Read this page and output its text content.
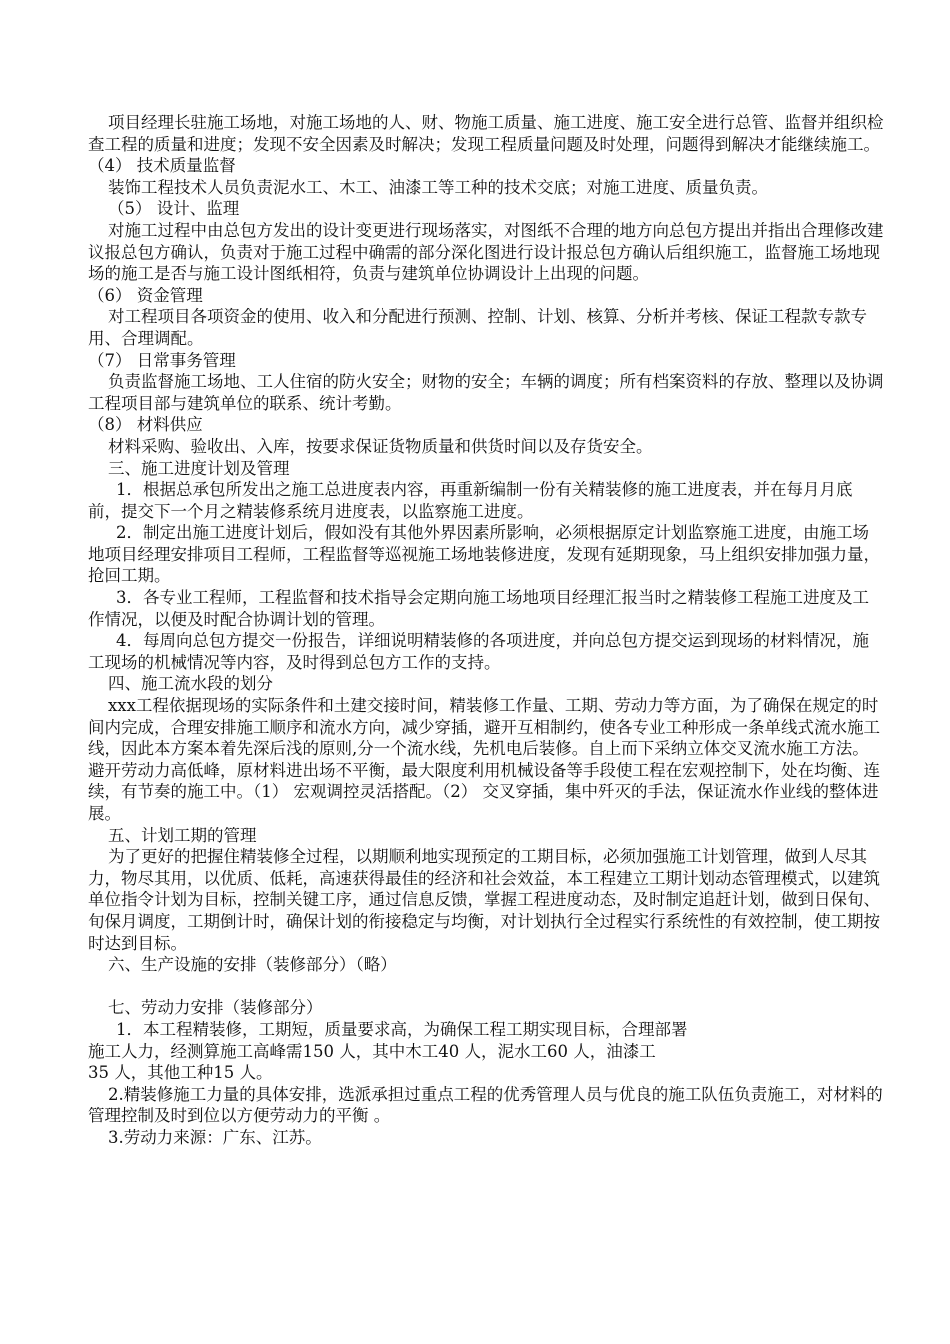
项目经理长驻施工场地，对施工场地的人、财、物施工质量、施工进度、施工安全进行总管、监督并组织检查工程的质量和进度；发现不安全因素及时解决；发现工程质量问题及时处理，问题得到解决才能继续施工。

（4） 技术质量监督

装饰工程技术人员负责泥水工、木工、油漆工等工种的技术交底；对施工进度、质量负责。

（5） 设计、监理

对施工过程中由总包方发出的设计变更进行现场落实，对图纸不合理的地方向总包方提出并指出合理修改建议报总包方确认，负责对于施工过程中确需的部分深化图进行设计报总包方确认后组织施工，监督施工场地现场的施工是否与施工设计图纸相符，负责与建筑单位协调设计上出现的问题。

（6） 资金管理

对工程项目各项资金的使用、收入和分配进行预测、控制、计划、核算、分析并考核、保证工程款专款专用、合理调配。

（7） 日常事务管理

负责监督施工场地、工人住宿的防火安全；财物的安全；车辆的调度；所有档案资料的存放、整理以及协调工程项目部与建筑单位的联系、统计考勤。

（8） 材料供应

材料采购、验收出、入库，按要求保证货物质量和供货时间以及存货安全。

三、施工进度计划及管理

1．根据总承包所发出之施工总进度表内容，再重新编制一份有关精装修的施工进度表，并在每月月底前，提交下一个月之精装修系统月进度表，以监察施工进度。

2．制定出施工进度计划后，假如没有其他外界因素所影响，必须根据原定计划监察施工进度，由施工场地项目经理安排项目工程师，工程监督等巡视施工场地装修进度，发现有延期现象，马上组织安排加强力量，抢回工期。

3．各专业工程师，工程监督和技术指导会定期向施工场地项目经理汇报当时之精装修工程施工进度及工作情况，以便及时配合协调计划的管理。

4．每周向总包方提交一份报告，详细说明精装修的各项进度，并向总包方提交运到现场的材料情况，施工现场的机械情况等内容，及时得到总包方工作的支持。

四、施工流水段的划分

xxx工程依据现场的实际条件和土建交接时间，精装修工作量、工期、劳动力等方面，为了确保在规定的时间内完成，合理安排施工顺序和流水方向，减少穿插，避开互相制约，使各专业工种形成一条单线式流水施工线，因此本方案本着先深后浅的原则,分一个流水线，先机电后装修。自上而下采纳立体交叉流水施工方法。避开劳动力高低峰，原材料进出场不平衡，最大限度利用机械设备等手段使工程在宏观控制下，处在均衡、连续，有节奏的施工中。（1） 宏观调控灵活搭配。（2） 交叉穿插，集中歼灭的手法，保证流水作业线的整体进展。

五、计划工期的管理

为了更好的把握住精装修全过程，以期顺利地实现预定的工期目标，必须加强施工计划管理，做到人尽其力，物尽其用，以优质、低耗，高速获得最佳的经济和社会效益，本工程建立工期计划动态管理模式，以建筑单位指令计划为目标，控制关键工序，通过信息反馈，掌握工程进度动态，及时制定追赶计划，做到日保旬、旬保月调度，工期倒计时，确保计划的衔接稳定与均衡，对计划执行全过程实行系统性的有效控制，使工期按时达到目标。

六、生产设施的安排（装修部分）（略）

七、劳动力安排（装修部分）

1．本工程精装修，工期短，质量要求高，为确保工程工期实现目标，合理部署

施工人力，经测算施工高峰需150 人，其中木工40 人，泥水工60 人，油漆工

35 人，其他工种15 人。

2.精装修施工力量的具体安排，选派承担过重点工程的优秀管理人员与优良的施工队伍负责施工，对材料的管理控制及时到位以方便劳动力的平衡 。

3.劳动力来源：广东、江苏。
